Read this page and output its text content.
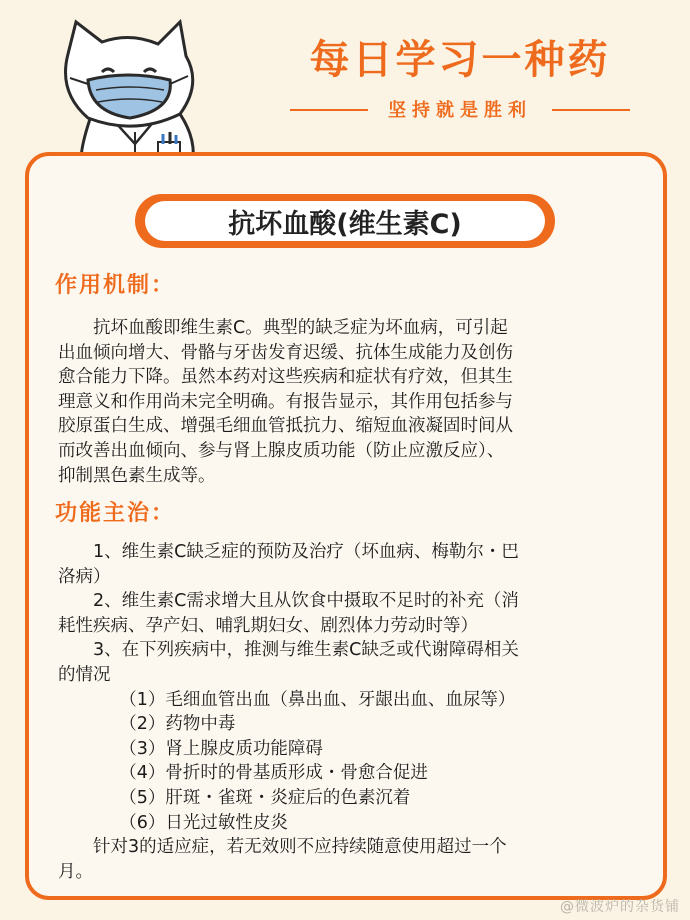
每日学习一种药
坚持就是胜利
抗坏血酸(维生素C)
作用机制：
抗坏血酸即维生素C。典型的缺乏症为坏血病，可引起
出血倾向增大、骨骼与牙齿发育迟缓、抗体生成能力及创伤
愈合能力下降。虽然本药对这些疾病和症状有疗效，但其生
理意义和作用尚未完全明确。有报告显示，其作用包括参与
胶原蛋白生成、增强毛细血管抵抗力、缩短血液凝固时间从
而改善出血倾向、参与肾上腺皮质功能（防止应激反应）、
抑制黑色素生成等。
功能主治：
1、维生素C缺乏症的预防及治疗（坏血病、梅勒尔・巴
洛病）
2、维生素C需求增大且从饮食中摄取不足时的补充（消
耗性疾病、孕产妇、哺乳期妇女、剧烈体力劳动时等）
3、在下列疾病中，推测与维生素C缺乏或代谢障碍相关
的情况
（1）毛细血管出血（鼻出血、牙龈出血、血尿等）
（2）药物中毒
（3）肾上腺皮质功能障碍
（4）骨折时的骨基质形成・骨愈合促进
（5）肝斑・雀斑・炎症后的色素沉着
（6）日光过敏性皮炎
针对3的适应症，若无效则不应持续随意使用超过一个
月。
@微波炉的杂货铺
